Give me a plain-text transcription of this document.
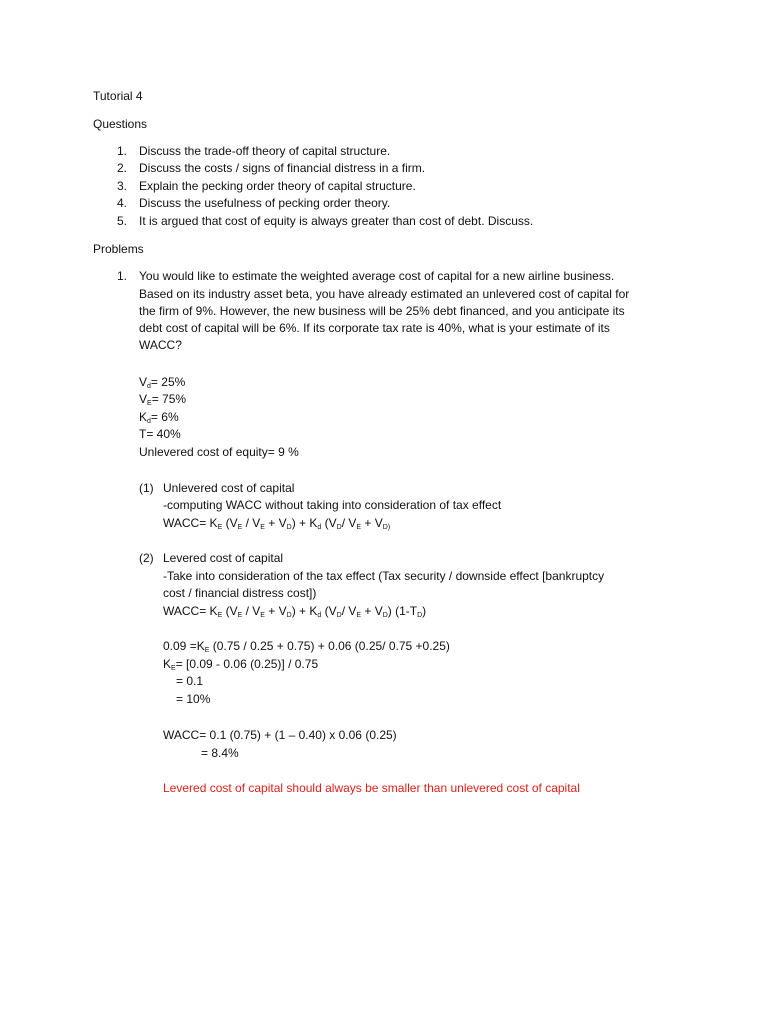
Tutorial 4
Questions
1. Discuss the trade-off theory of capital structure.
2. Discuss the costs / signs of financial distress in a firm.
3. Explain the pecking order theory of capital structure.
4. Discuss the usefulness of pecking order theory.
5. It is argued that cost of equity is always greater than cost of debt. Discuss.
Problems
1. You would like to estimate the weighted average cost of capital for a new airline business.
Based on its industry asset beta, you have already estimated an unlevered cost of capital for
the firm of 9%. However, the new business will be 25% debt financed, and you anticipate its
debt cost of capital will be 6%. If its corporate tax rate is 40%, what is your estimate of its
WACC?
$V_d= 25\%$
$V_E= 75\%$
$K_d= 6\%$
T= 40%
Unlevered cost of equity= 9 %
(1) Unlevered cost of capital
-computing WACC without taking into consideration of tax effect
WACC= $K_E$ $(V_E / V_E + V_D) + K_d$ ($V_D/$ $V_E + V_{D)}$
(2) Levered cost of capital
-Take into consideration of the tax effect (Tax security / downside effect [bankruptcy
cost / financial distress cost])
WACC= $K_E$ $(V_E / V_E + V_D) + K_d$ ($V_D/$ $V_E + V_D$) $(1-T_D)$
$0.09 =K_E$ (0.75 / 0.25 + 0.75) + 0.06 (0.25/ 0.75 +0.25)
$K_E= [0.09 - 0.06$ (0.25)] / 0.75
= 0.1
= 10%
WACC= 0.1 (0.75) + (1 – 0.40) x 0.06 (0.25)
= 8.4%
Levered cost of capital should always be smaller than unlevered cost of capital
